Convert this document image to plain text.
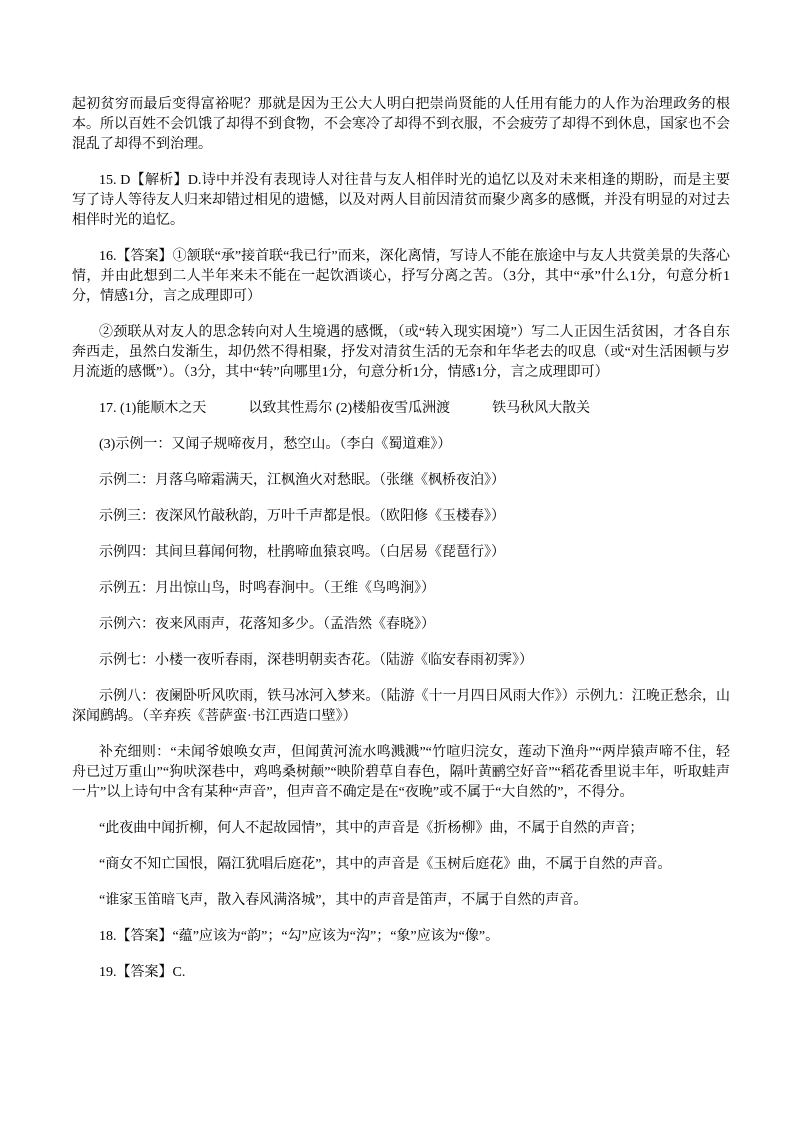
起初贫穷而最后变得富裕呢？那就是因为王公大人明白把崇尚贤能的人任用有能力的人作为治理政务的根本。所以百姓不会饥饿了却得不到食物，不会寒冷了却得不到衣服，不会疲劳了却得不到休息，国家也不会混乱了却得不到治理。

15. D【解析】D.诗中并没有表现诗人对往昔与友人相伴时光的追忆以及对未来相逢的期盼，而是主要写了诗人等待友人归来却错过相见的遗憾，以及对两人目前因清贫而聚少离多的感慨，并没有明显的对过去相伴时光的追忆。

16.【答案】①颔联“承”接首联“我已行”而来，深化离情，写诗人不能在旅途中与友人共赏美景的失落心情，并由此想到二人半年来未不能在一起饮酒谈心，抒写分离之苦。（3分，其中“承”什么1分，句意分析1分，情感1分，言之成理即可）

②颈联从对友人的思念转向对人生境遇的感慨，（或“转入现实困境”）写二人正因生活贫困，才各自东奔西走，虽然白发渐生，却仍然不得相聚，抒发对清贫生活的无奈和年华老去的叹息（或“对生活困顿与岁月流逝的感慨”）。（3分，其中“转”向哪里1分，句意分析1分，情感1分，言之成理即可）

17. (1)能顺木之天　　　以致其性焉尔 (2)楼船夜雪瓜洲渡　　　铁马秋风大散关

(3)示例一：又闻子规啼夜月，愁空山。（李白《蜀道难》）

示例二：月落乌啼霜满天，江枫渔火对愁眠。（张继《枫桥夜泊》）

示例三：夜深风竹敲秋韵，万叶千声都是恨。（欧阳修《玉楼春》）

示例四：其间旦暮闻何物，杜鹃啼血猿哀鸣。（白居易《琵琶行》）

示例五：月出惊山鸟，时鸣春涧中。（王维《鸟鸣涧》）

示例六：夜来风雨声，花落知多少。（孟浩然《春晓》）

示例七：小楼一夜听春雨，深巷明朝卖杏花。（陆游《临安春雨初霁》）

示例八：夜阑卧听风吹雨，铁马冰河入梦来。（陆游《十一月四日风雨大作》）示例九：江晚正愁余，山深闻鹧鸪。（辛弃疾《菩萨蛮·书江西造口壁》）

补充细则：“未闻爷娘唤女声，但闻黄河流水鸣溅溅”“竹喧归浣女，莲动下渔舟”“两岸猿声啼不住，轻舟已过万重山”“狗吠深巷中，鸡鸣桑树颠”“映阶碧草自春色，隔叶黄鹂空好音”“稻花香里说丰年，听取蛙声一片”以上诗句中含有某种“声音”，但声音不确定是在“夜晚”或不属于“大自然的”，不得分。

“此夜曲中闻折柳，何人不起故园情”，其中的声音是《折杨柳》曲，不属于自然的声音；

“商女不知亡国恨，隔江犹唱后庭花”，其中的声音是《玉树后庭花》曲，不属于自然的声音。

“谁家玉笛暗飞声，散入春风满洛城”，其中的声音是笛声，不属于自然的声音。

18.【答案】“蕴”应该为“韵”；“勾”应该为“沟”；“象”应该为“像”。

19.【答案】C.
